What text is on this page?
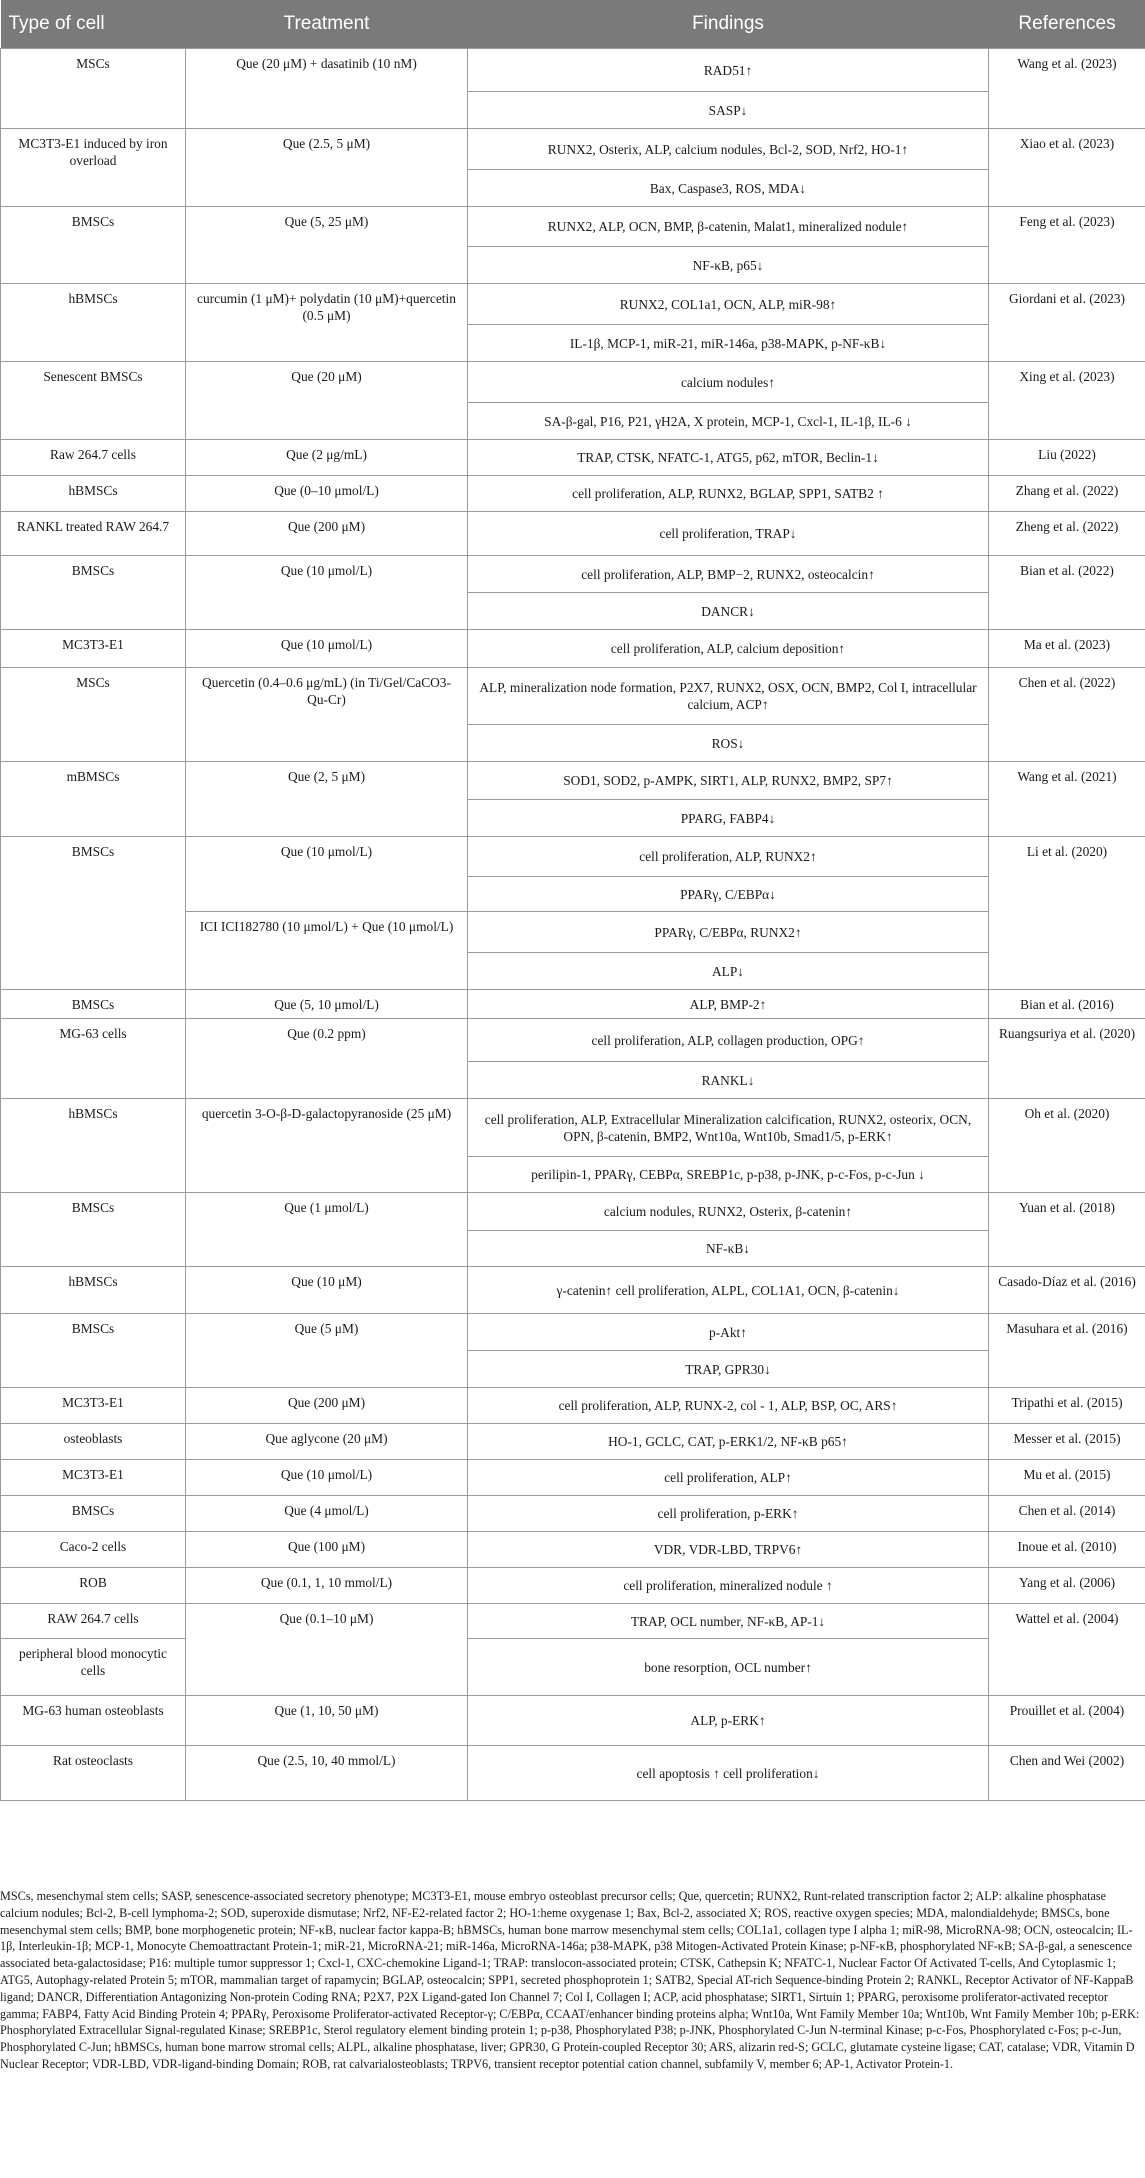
Type of cell	Treatment	Findings	References
MSCs	Que (20 μM) + dasatinib (10 nM)	RAD51↑	Wang et al. (2023)
		SASP↓	
MC3T3-E1 induced by iron overload	Que (2.5, 5 μM)	RUNX2, Osterix, ALP, calcium nodules, Bcl-2, SOD, Nrf2, HO-1↑	Xiao et al. (2023)
		Bax, Caspase3, ROS, MDA↓	
BMSCs	Que (5, 25 μM)	RUNX2, ALP, OCN, BMP, β-catenin, Malat1, mineralized nodule↑	Feng et al. (2023)
		NF-κB, p65↓	
hBMSCs	curcumin (1 μM)+ polydatin (10 μM)+quercetin (0.5 μM)	RUNX2, COL1a1, OCN, ALP, miR-98↑	Giordani et al. (2023)
		IL-1β, MCP-1, miR-21, miR-146a, p38-MAPK, p-NF-κB↓	
Senescent BMSCs	Que (20 μM)	calcium nodules↑	Xing et al. (2023)
		SA-β-gal, P16, P21, γH2A, X protein, MCP-1, Cxcl-1, IL-1β, IL-6 ↓	
Raw 264.7 cells	Que (2 μg/mL)	TRAP, CTSK, NFATC-1, ATG5, p62, mTOR, Beclin-1↓	Liu (2022)
hBMSCs	Que (0–10 μmol/L)	cell proliferation, ALP, RUNX2, BGLAP, SPP1, SATB2 ↑	Zhang et al. (2022)
RANKL treated RAW 264.7	Que (200 μM)	cell proliferation, TRAP↓	Zheng et al. (2022)
BMSCs	Que (10 μmol/L)	cell proliferation, ALP, BMP−2, RUNX2, osteocalcin↑	Bian et al. (2022)
		DANCR↓	
MC3T3-E1	Que (10 μmol/L)	cell proliferation, ALP, calcium deposition↑	Ma et al. (2023)
MSCs	Quercetin (0.4–0.6 μg/mL) (in Ti/Gel/CaCO3-Qu-Cr)	ALP, mineralization node formation, P2X7, RUNX2, OSX, OCN, BMP2, Col I, intracellular calcium, ACP↑	Chen et al. (2022)
		ROS↓	
mBMSCs	Que (2, 5 μM)	SOD1, SOD2, p-AMPK, SIRT1, ALP, RUNX2, BMP2, SP7↑	Wang et al. (2021)
		PPARG, FABP4↓	
BMSCs	Que (10 μmol/L)	cell proliferation, ALP, RUNX2↑	Li et al. (2020)
		PPARγ, C/EBPα↓	
	ICI ICI182780 (10 μmol/L) + Que (10 μmol/L)	PPARγ, C/EBPα, RUNX2↑	
		ALP↓	
BMSCs	Que (5, 10 μmol/L)	ALP, BMP-2↑	Bian et al. (2016)
MG-63 cells	Que (0.2 ppm)	cell proliferation, ALP, collagen production, OPG↑	Ruangsuriya et al. (2020)
		RANKL↓	
hBMSCs	quercetin 3-O-β-D-galactopyranoside (25 μM)	cell proliferation, ALP, Extracellular Mineralization calcification, RUNX2, osteorix, OCN, OPN, β-catenin, BMP2, Wnt10a, Wnt10b, Smad1/5, p-ERK↑	Oh et al. (2020)
		perilipin-1, PPARγ, CEBPα, SREBP1c, p-p38, p-JNK, p-c-Fos, p-c-Jun ↓	
BMSCs	Que (1 μmol/L)	calcium nodules, RUNX2, Osterix, β-catenin↑	Yuan et al. (2018)
		NF-κB↓	
hBMSCs	Que (10 μM)	γ-catenin↑ cell proliferation, ALPL, COL1A1, OCN, β-catenin↓	Casado-Díaz et al. (2016)
BMSCs	Que (5 μM)	p-Akt↑	Masuhara et al. (2016)
		TRAP, GPR30↓	
MC3T3-E1	Que (200 μM)	cell proliferation, ALP, RUNX-2, col - 1, ALP, BSP, OC, ARS↑	Tripathi et al. (2015)
osteoblasts	Que aglycone (20 μM)	HO-1, GCLC, CAT, p-ERK1/2, NF-κB p65↑	Messer et al. (2015)
MC3T3-E1	Que (10 μmol/L)	cell proliferation, ALP↑	Mu et al. (2015)
BMSCs	Que (4 μmol/L)	cell proliferation, p-ERK↑	Chen et al. (2014)
Caco-2 cells	Que (100 μM)	VDR, VDR-LBD, TRPV6↑	Inoue et al. (2010)
ROB	Que (0.1, 1, 10 mmol/L)	cell proliferation, mineralized nodule ↑	Yang et al. (2006)
RAW 264.7 cells	Que (0.1–10 μM)	TRAP, OCL number, NF-κB, AP-1↓	Wattel et al. (2004)
peripheral blood monocytic cells		bone resorption, OCL number↑	
MG-63 human osteoblasts	Que (1, 10, 50 μM)	ALP, p-ERK↑	Prouillet et al. (2004)
Rat osteoclasts	Que (2.5, 10, 40 mmol/L)	cell apoptosis ↑ cell proliferation↓	Chen and Wei (2002)
MSCs, mesenchymal stem cells; SASP, senescence-associated secretory phenotype; MC3T3-E1, mouse embryo osteoblast precursor cells; Que, quercetin; RUNX2, Runt-related transcription factor 2; ALP: alkaline phosphatase calcium nodules; Bcl-2, B-cell lymphoma-2; SOD, superoxide dismutase; Nrf2, NF-E2-related factor 2; HO-1:heme oxygenase 1; Bax, Bcl-2, associated X; ROS, reactive oxygen species; MDA, malondialdehyde; BMSCs, bone mesenchymal stem cells; BMP, bone morphogenetic protein; NF-κB, nuclear factor kappa-B; hBMSCs, human bone marrow mesenchymal stem cells; COL1a1, collagen type I alpha 1; miR-98, MicroRNA-98; OCN, osteocalcin; IL-1β, Interleukin-1β; MCP-1, Monocyte Chemoattractant Protein-1; miR-21, MicroRNA-21; miR-146a, MicroRNA-146a; p38-MAPK, p38 Mitogen-Activated Protein Kinase; p-NF-κB, phosphorylated NF-κB; SA-β-gal, a senescence associated beta-galactosidase; P16: multiple tumor suppressor 1; Cxcl-1, CXC-chemokine Ligand-1; TRAP: translocon-associated protein; CTSK, Cathepsin K; NFATC-1, Nuclear Factor Of Activated T-cells, And Cytoplasmic 1; ATG5, Autophagy-related Protein 5; mTOR, mammalian target of rapamycin; BGLAP, osteocalcin; SPP1, secreted phosphoprotein 1; SATB2, Special AT-rich Sequence-binding Protein 2; RANKL, Receptor Activator of NF-KappaB ligand; DANCR, Differentiation Antagonizing Non-protein Coding RNA; P2X7, P2X Ligand-gated Ion Channel 7; Col I, Collagen I; ACP, acid phosphatase; SIRT1, Sirtuin 1; PPARG, peroxisome proliferator-activated receptor gamma; FABP4, Fatty Acid Binding Protein 4; PPARγ, Peroxisome Proliferator-activated Receptor-γ; C/EBPα, CCAAT/enhancer binding proteins alpha; Wnt10a, Wnt Family Member 10a; Wnt10b, Wnt Family Member 10b; p-ERK: Phosphorylated Extracellular Signal-regulated Kinase; SREBP1c, Sterol regulatory element binding protein 1; p-p38, Phosphorylated P38; p-JNK, Phosphorylated C-Jun N-terminal Kinase; p-c-Fos, Phosphorylated c-Fos; p-c-Jun, Phosphorylated C-Jun; hBMSCs, human bone marrow stromal cells; ALPL, alkaline phosphatase, liver; GPR30, G Protein-coupled Receptor 30; ARS, alizarin red-S; GCLC, glutamate cysteine ligase; CAT, catalase; VDR, Vitamin D Nuclear Receptor; VDR-LBD, VDR-ligand-binding Domain; ROB, rat calvarialosteoblasts; TRPV6, transient receptor potential cation channel, subfamily V, member 6; AP-1, Activator Protein-1.
